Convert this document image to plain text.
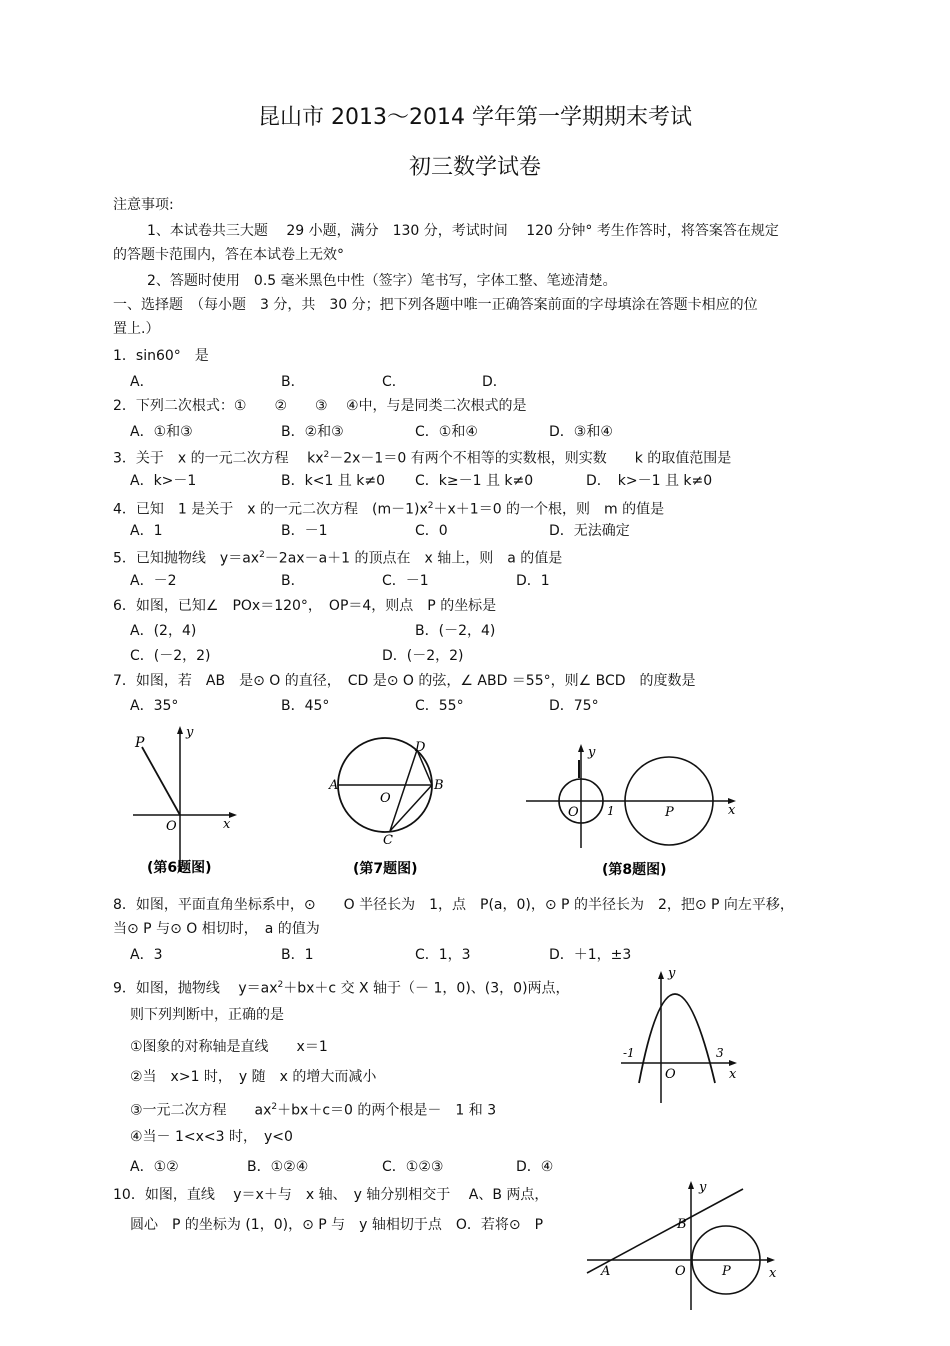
昆山市 2013～2014 学年第一学期期末考试
初三数学试卷
注意事项:
1、本试卷共三大题　 29 小题，满分　130 分，考试时间　 120 分钟° 考生作答时，将答案答在规定
的答题卡范围内，答在本试卷上无效°
2、答题时使用　0.5 毫米黑色中性（签字）笔书写，字体工整、笔迹清楚。
一、选择题　（每小题　3 分，共　30 分；把下列各题中唯一正确答案前面的字母填涂在答题卡相应的位
置上.）
1．sin60°　是
A．	B．	C．	D．
2．下列二次根式：①　　②　　③　 ④中，与是同类二次根式的是
A．①和③	B．②和③	C．①和④	D．③和④
3．关于　x 的一元二次方程　 $kx^2-2x-1=0$ 有两个不相等的实数根，则实数　　k 的取值范围是
A．k>－1	B．k<1 且 k≠0 C．k≥－1 且 k≠0	D．　k>－1 且 k≠0
4．已知　1 是关于　x 的一元二次方程　$(m-1)x^2+x+1=0$ 的一个根，则　m 的值是
A．1	B．－1	C．0	D．无法确定
5．已知抛物线　$y=ax^2-2ax-a+1$ 的顶点在　x 轴上，则　a 的值是
A．－2	B．	C．－1	D．1
6．如图，已知∠　POx＝120°，　OP＝4，则点　P 的坐标是
A．(2，4)	B．(－2，4)
C．(－2，2)	D．(－2，2)
7．如图，若　AB　是⊙ O 的直径，　CD 是⊙ O 的弦，∠ ABD ＝55°，则∠ BCD　的度数是
A．35°	B．45°	C．55°	D．75°
P
y
O	x
(第6题图)
A	B
D
C
O
(第7题图)
y
O 1	P	x
(第8题图)
8．如图，平面直角坐标系中，⊙　　O 半径长为　1，点　P(a，0)，⊙ P 的半径长为　2，把⊙ P 向左平移，
当⊙ P 与⊙ O 相切时，　a 的值为
A．3	B．1	C．1，3	D．＋1，±3
9．如图，抛物线　 $y=ax^2+bx+c$ 交 X 轴于（－ 1，0)、(3，0)两点，
则下列判断中，正确的是
①图象的对称轴是直线　　x＝1
②当　x>1 时，　y 随　x 的增大而减小
③一元二次方程　　$ax^2+bx+c=0$ 的两个根是－　1 和 3
④当－ 1<x<3 时，　y<0
A．①②	B．①②④	C．①②③	D．④
y
-1	3
O	x
10．如图，直线　 y＝x＋与　x 轴、　y 轴分别相交于　 A、B 两点，
圆心　P 的坐标为 (1，0)，⊙ P 与　y 轴相切于点　O．若将⊙　P
y
B
A	O	P	x
